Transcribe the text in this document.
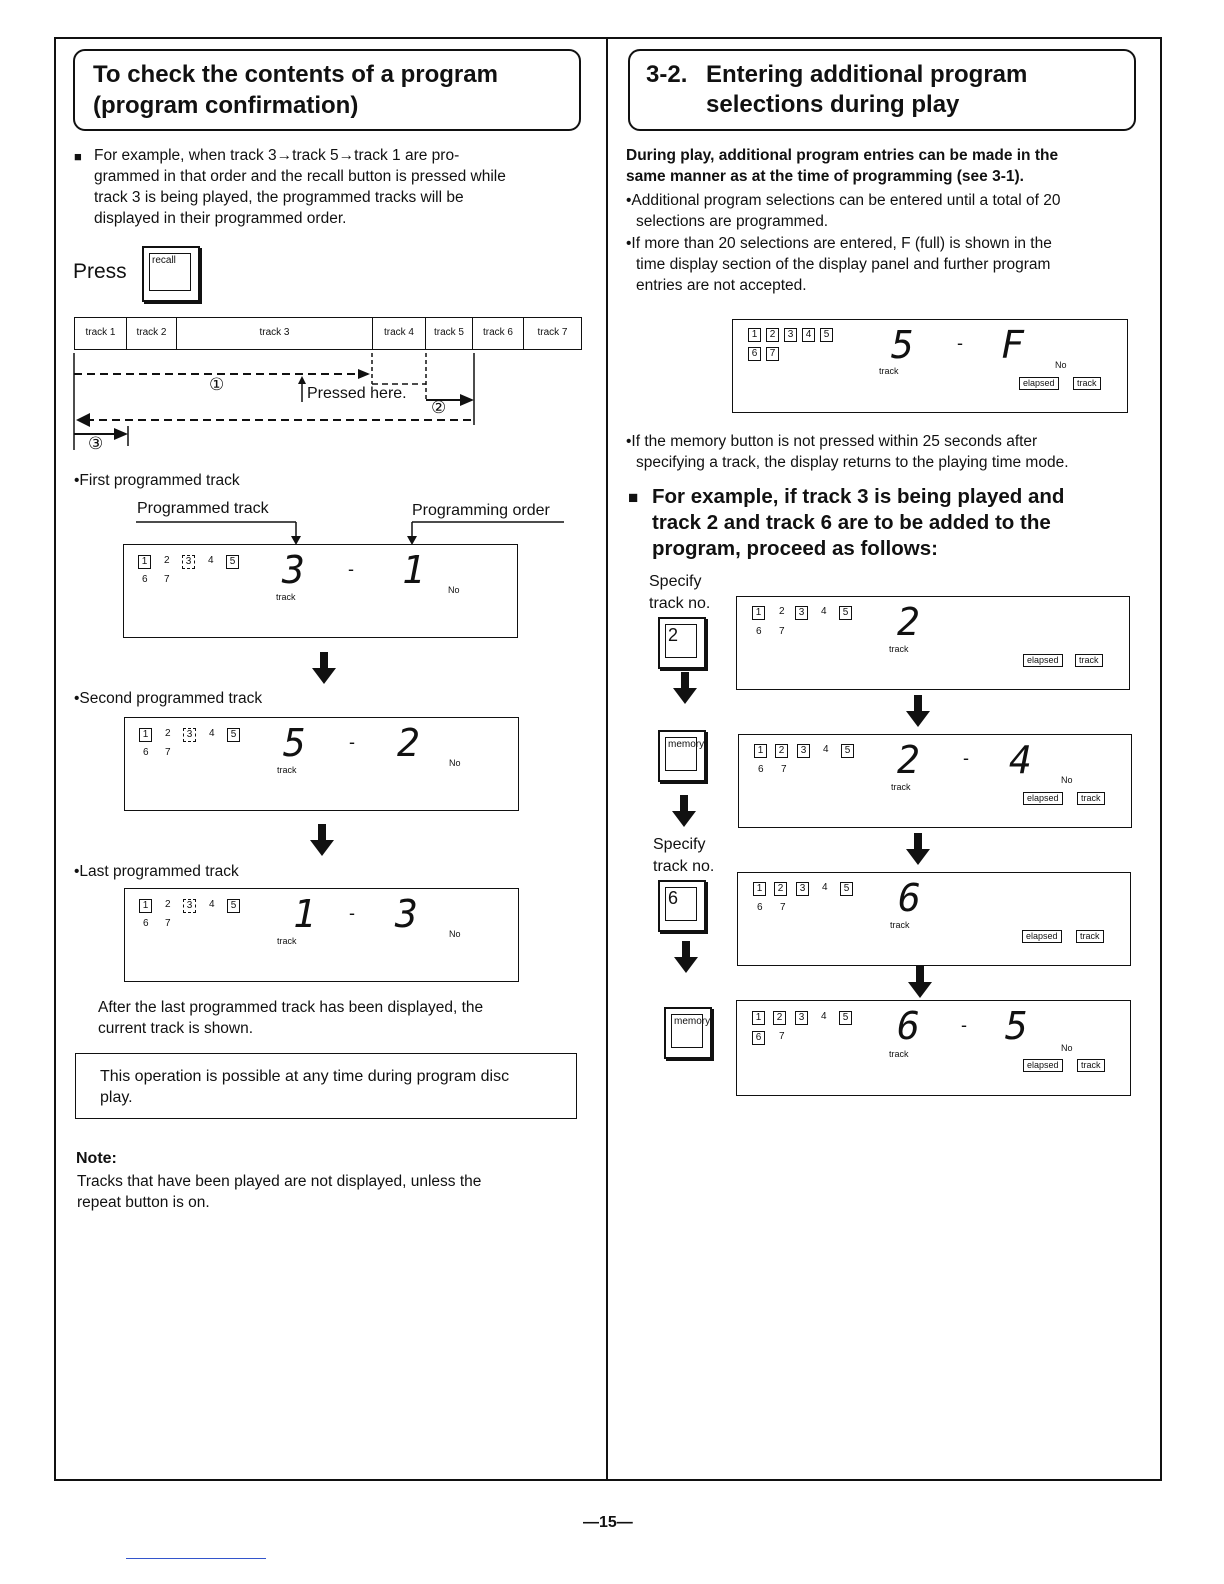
To check the contents of a program
(program confirmation)
■ For example, when track 3→track 5→track 1 are pro-
grammed in that order and the recall button is pressed while
track 3 is being played, the programmed tracks will be
displayed in their programmed order.
Press	recall
track 1	track 2	track 3	track 4	track 5	track 6	track 7
①	Pressed here.
②
③
•First programmed track
Programmed track	Programming order
1	2	3	4	5
6 7	3
track
- 1	No
•Second programmed track
1	2	3	4	5
6 7	5
track
- 2	No
•Last programmed track
1	2	3	4	5
6 7	1
track
- 3	No
After the last programmed track has been displayed, the
current track is shown.
This operation is possible at any time during program disc
play.
Note:
Tracks that have been played are not displayed, unless the
repeat button is on.
3-2. Entering additional program
selections during play
During play, additional program entries can be made in the
same manner as at the time of programming (see 3-1).
•Additional program selections can be entered until a total of 20
selections are programmed.
•If more than 20 selections are entered, F (full) is shown in the
time display section of the display panel and further program
entries are not accepted.
1	2	3	4	5
6	7	5
track
- F	No
elapsed	track
•If the memory button is not pressed within 25 seconds after
specifying a track, the display returns to the playing time mode.
■ For example, if track 3 is being played and
track 2 and track 6 are to be added to the
program, proceed as follows:
Specify
track no.
2
1	2	3	4	5
6 7	2
track
elapsed	track
memory
1	2	3	4	5
6 7	2
track
- 4	No
elapsed	track
Specify
track no.
6	1	2	3	4	5
6 7	6
track
elapsed	track
memory	1	2	3	4	5
6	7	6
track
- 5	No
elapsed	track
—15—
